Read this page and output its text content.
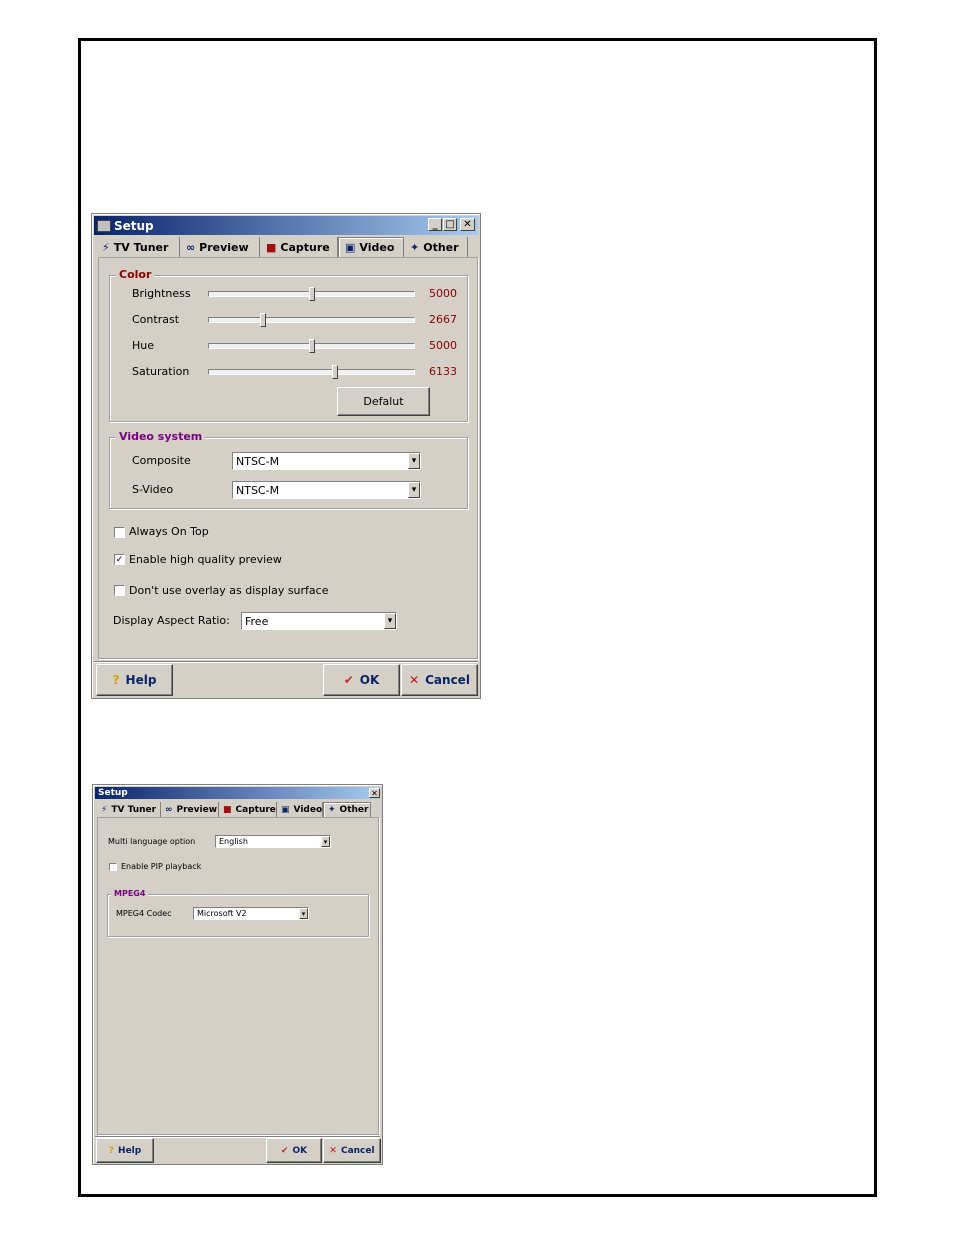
Setup	_ □ ✕
⚡ TV Tuner ∞ Preview ■ Capture ▣ Video ✦ Other
Color
Brightness	5000
Contrast	2667
Hue	5000
Saturation	6133
Defalut
Video system
Composite	NTSC-M	▾
S-Video	NTSC-M	▾
Always On Top
✓ Enable high quality preview
Don't use overlay as display surface
Display Aspect Ratio: Free	▾
? Help	✔ OK ✕ Cancel
Setup	✕
⚡ TV Tuner ∞ Preview ■ Capture ▣ Video ✦ Other
Multi language option	English	▾
Enable PIP playback
MPEG4
MPEG4 Codec	Microsoft V2	▾
? Help	✔ OK ✕ Cancel
